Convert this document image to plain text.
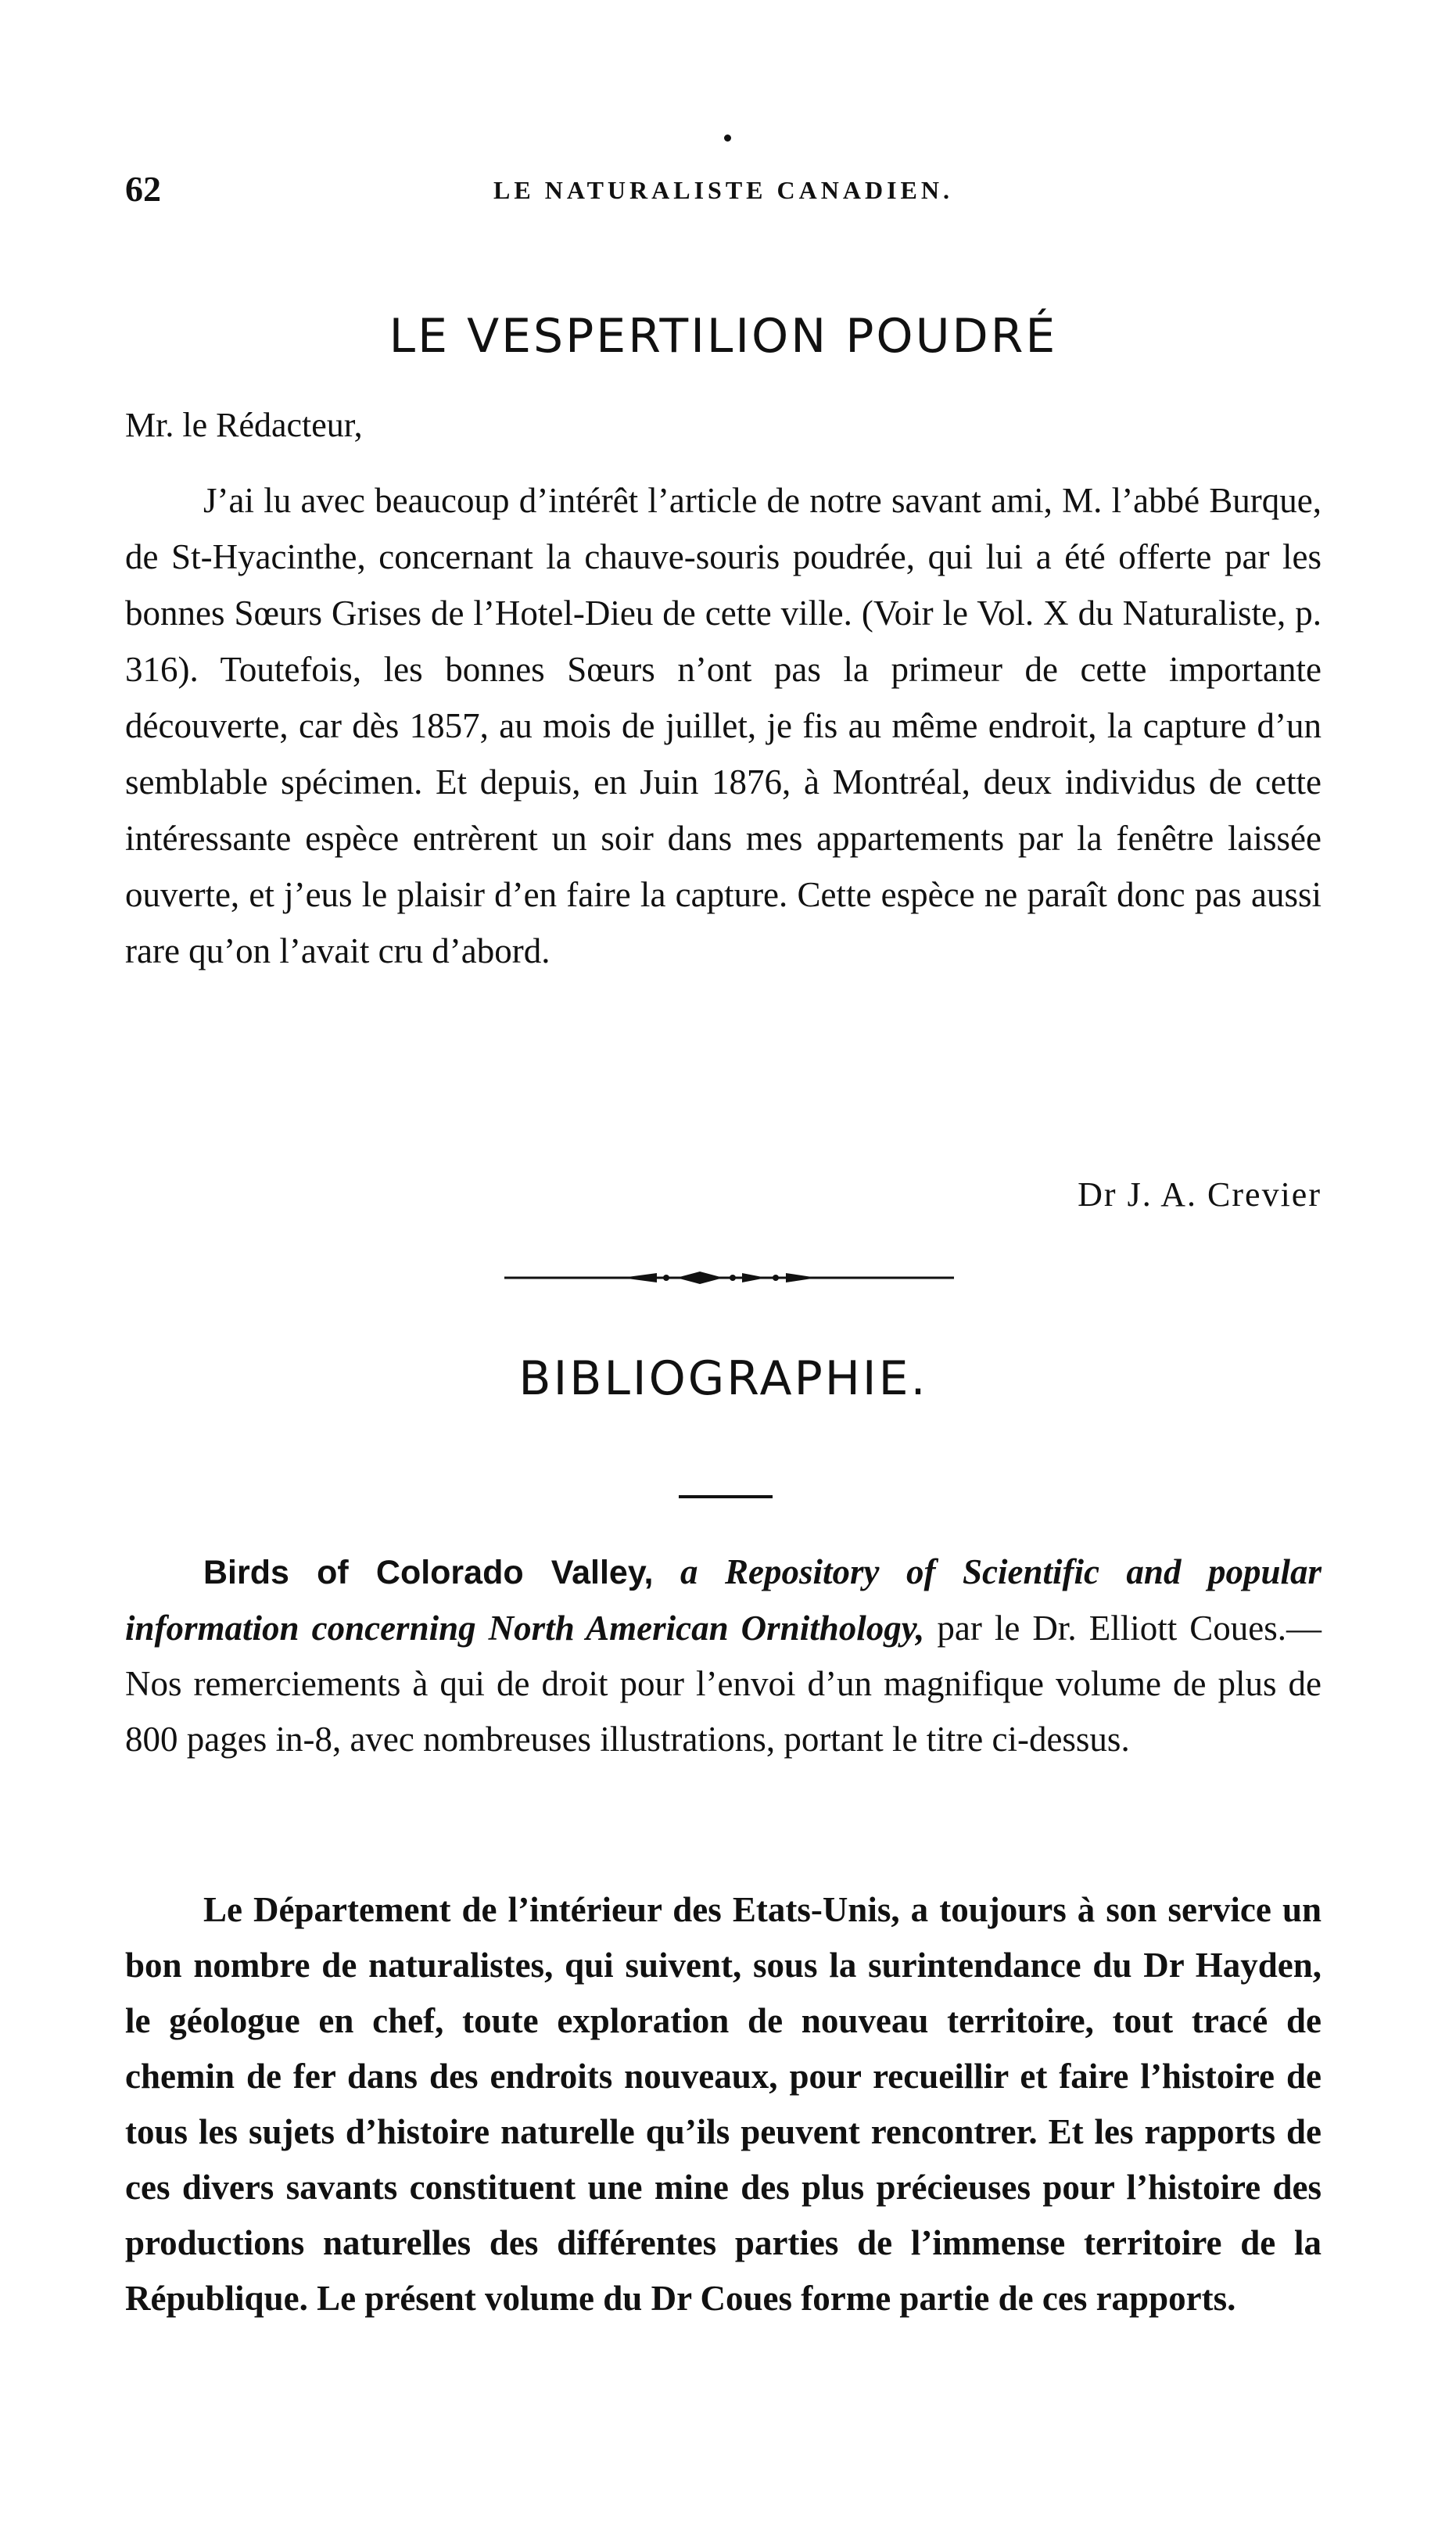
62	LE NATURALISTE CANADIEN.
LE VESPERTILION POUDRÉ

Mr. le Rédacteur,

J’ai lu avec beaucoup d’intérêt l’article de notre savant ami, M. l’abbé Burque, de St-Hyacinthe, concernant la chauve-souris poudrée, qui lui a été offerte par les bonnes Sœurs Grises de l’Hotel-Dieu de cette ville. (Voir le Vol. X du Naturaliste, p. 316). Toutefois, les bonnes Sœurs n’ont pas la primeur de cette importante découverte, car dès 1857, au mois de juillet, je fis au même endroit, la capture d’un semblable spécimen. Et depuis, en Juin 1876, à Montréal, deux individus de cette intéressante espèce entrèrent un soir dans mes appartements par la fenêtre laissée ouverte, et j’eus le plaisir d’en faire la capture. Cette espèce ne paraît donc pas aussi rare qu’on l’avait cru d’abord.

Dr J. A. Crevier

BIBLIOGRAPHIE.

Birds of Colorado Valley, a Repository of Scientific and popular information concerning North American Ornithology, par le Dr. Elliott Coues.—Nos remerciements à qui de droit pour l’envoi d’un magnifique volume de plus de 800 pages in-8, avec nombreuses illustrations, portant le titre ci-dessus.

Le Département de l’intérieur des Etats-Unis, a toujours à son service un bon nombre de naturalistes, qui suivent, sous la surintendance du Dr Hayden, le géologue en chef, toute exploration de nouveau territoire, tout tracé de chemin de fer dans des endroits nouveaux, pour recueillir et faire l’histoire de tous les sujets d’histoire naturelle qu’ils peuvent rencontrer. Et les rapports de ces divers savants constituent une mine des plus précieuses pour l’histoire des productions naturelles des différentes parties de l’immense territoire de la République. Le présent volume du Dr Coues forme partie de ces rapports.
